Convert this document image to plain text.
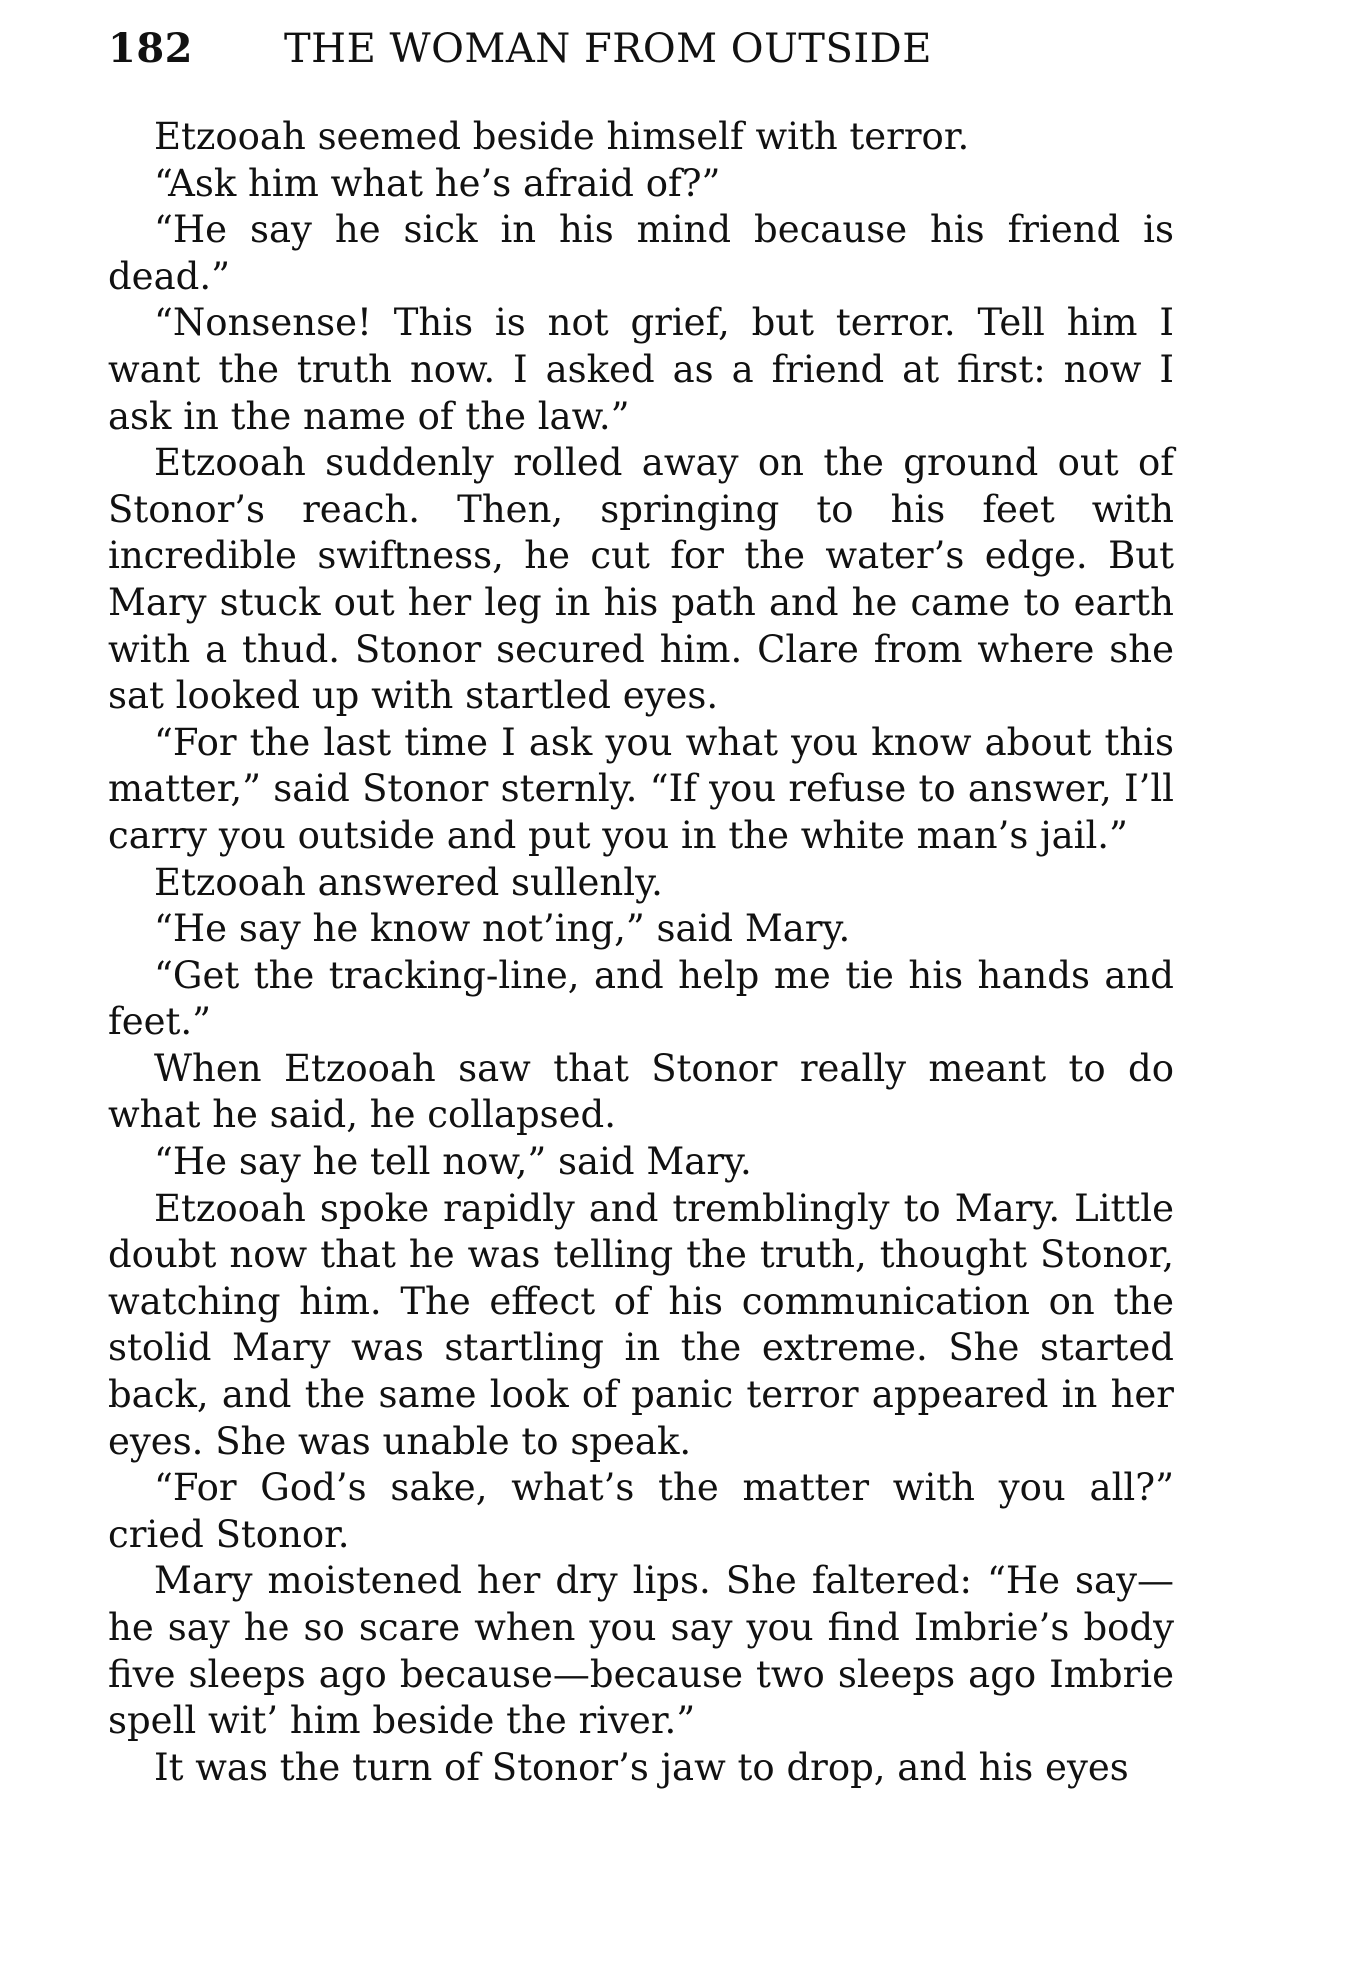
182 THE WOMAN FROM OUTSIDE

Etzooah seemed beside himself with terror.

“Ask him what he’s afraid of?”

“He say he sick in his mind because his friend is dead.”

“Nonsense! This is not grief, but terror. Tell him I want the truth now. I asked as a friend at first: now I ask in the name of the law.”

Etzooah suddenly rolled away on the ground out of Stonor’s reach. Then, springing to his feet with incredible swiftness, he cut for the water’s edge. But Mary stuck out her leg in his path and he came to earth with a thud. Stonor secured him. Clare from where she sat looked up with startled eyes.

“For the last time I ask you what you know about this matter,” said Stonor sternly. “If you refuse to answer, I’ll carry you outside and put you in the white man’s jail.”

Etzooah answered sullenly.

“He say he know not’ing,” said Mary.

“Get the tracking-line, and help me tie his hands and feet.”

When Etzooah saw that Stonor really meant to do what he said, he collapsed.

“He say he tell now,” said Mary.

Etzooah spoke rapidly and tremblingly to Mary. Little doubt now that he was telling the truth, thought Stonor, watching him. The effect of his communication on the stolid Mary was startling in the extreme. She started back, and the same look of panic terror appeared in her eyes. She was unable to speak.

“For God’s sake, what’s the matter with you all?” cried Stonor.

Mary moistened her dry lips. She faltered: “He say—he say he so scare when you say you find Imbrie’s body five sleeps ago because—because two sleeps ago Imbrie spell wit’ him beside the river.”

It was the turn of Stonor’s jaw to drop, and his eyes
